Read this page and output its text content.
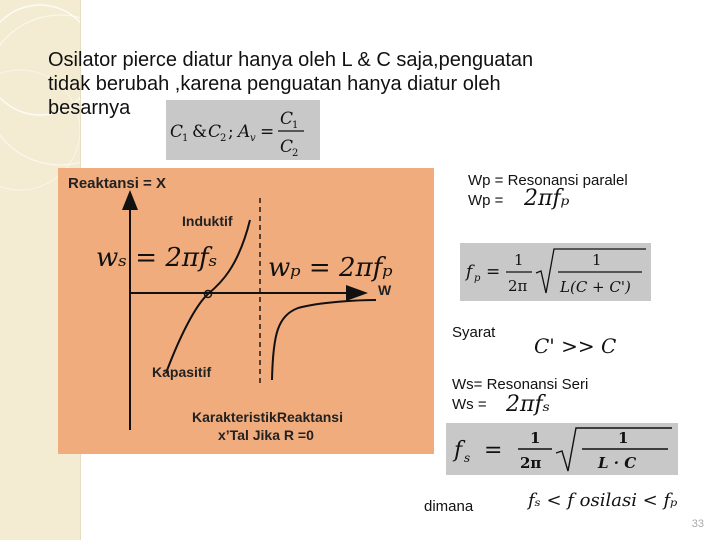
Osilator pierce diatur hanya oleh L & C saja,penguatan
tidak berubah ,karena penguatan hanya diatur oleh
besarnya
C
1 & C
2 ; A v =
C
1
C
2
Reaktansi = X
Induktif
Kapasitif
W
wₛ = 2πfₛ wₚ = 2πfₚ
KarakteristikReaktansi
x’Tal Jika R =0
Wp = Resonansi paralel
Wp = 2πfₚ
f p =
1
2π
1
L(C + C')
Syarat
C' >> C
Ws= Resonansi Seri
Ws = 2πfₛ
f s = 1
2π
1
L · C
dimana	fₛ < f osilasi < fₚ
33
